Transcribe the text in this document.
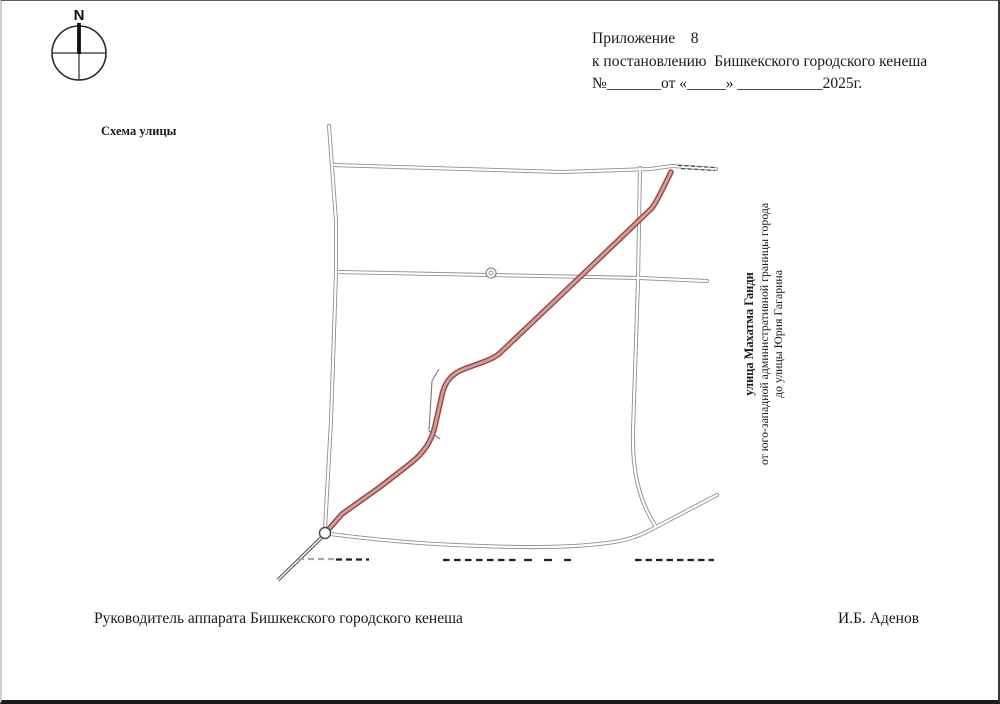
N
Приложение    8
к постановлению  Бишкекского городского кенеша
№_______от «_____» ___________2025г.
Схема улицы
улица Махатма Ганди от юго-западной административной границы города до улицы Юрия Гагарина
Руководитель аппарата Бишкекского городского кенеша	И.Б. Аденов
